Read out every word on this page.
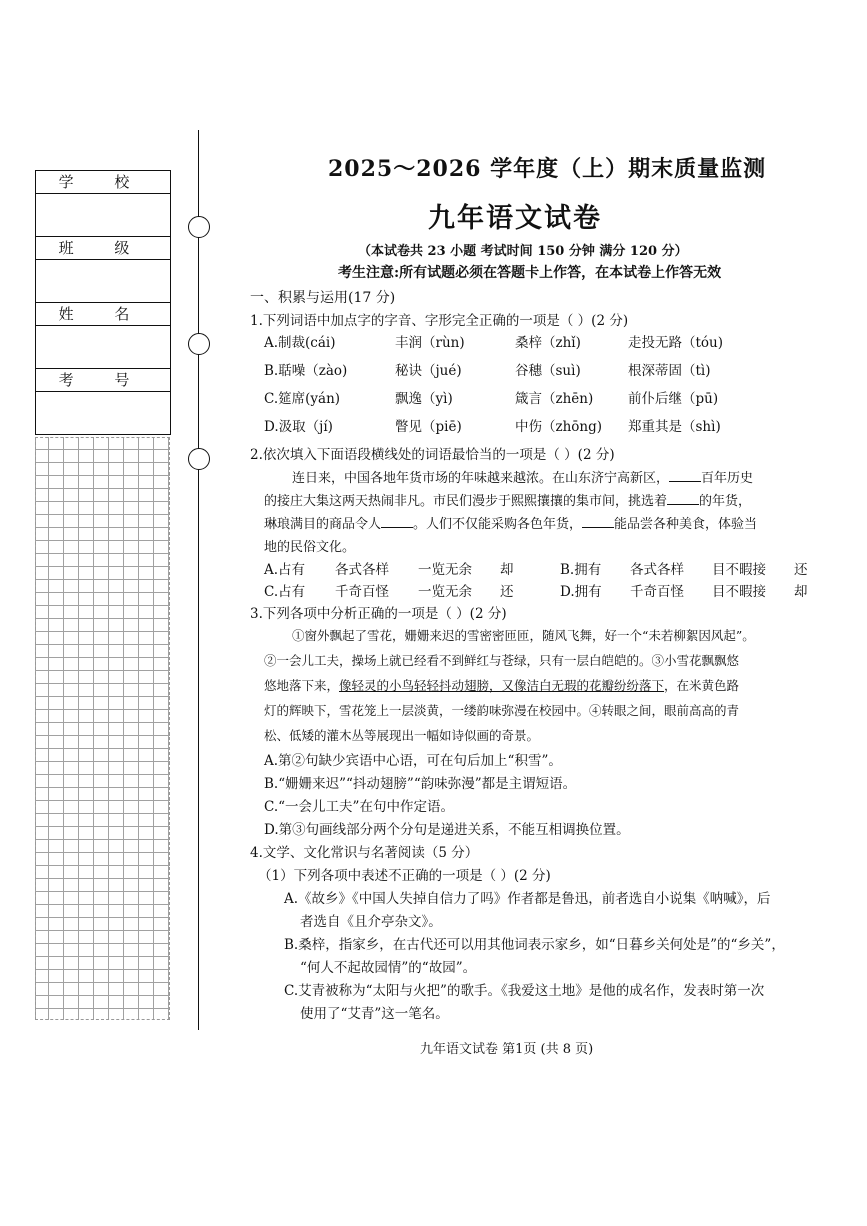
学 校
班 级
姓 名
考 号
2025～2026 学年度（上）期末质量监测
九年语文试卷
（本试卷共 23 小题 考试时间 150 分钟 满分 120 分）
考生注意:所有试题必须在答题卡上作答，在本试卷上作答无效
一、积累与运用(17 分)
1.下列词语中加点字的字音、字形完全正确的一项是（ ）(2 分)
A.制裁(cái)	丰润（rùn)	桑梓（zhǐ)	走投无路（tóu)
B.聒噪（zào)	秘诀（jué)	谷穗（suì)	根深蒂固（tì)
C.筵席(yán)	飘逸（yì)	箴言（zhēn)	前仆后继（pū)
D.汲取（jí)	瞥见（piē)	中伤（zhōng) 郑重其是（shì)
2.依次填入下面语段横线处的词语最恰当的一项是（ ）(2 分)
连日来，中国各地年货市场的年味越来越浓。在山东济宁高新区， 百年历史
的接庄大集这两天热闹非凡。市民们漫步于熙熙攘攘的集市间，挑选着 的年货，
琳琅满目的商品令人 。人们不仅能采购各色年货， 能品尝各种美食，体验当
地的民俗文化。
A.占有 各式各样 一览无余 却	B.拥有 各式各样 目不暇接 还
C.占有 千奇百怪 一览无余 还	D.拥有 千奇百怪 目不暇接 却
3.下列各项中分析正确的一项是（ ）(2 分)
①窗外飘起了雪花，姗姗来迟的雪密密匝匝，随风飞舞，好一个“未若柳絮因风起”。
②一会儿工夫，操场上就已经看不到鲜红与苍绿，只有一层白皑皑的。③小雪花飘飘悠
悠地落下来，像轻灵的小鸟轻轻抖动翅膀，又像洁白无瑕的花瓣纷纷落下，在米黄色路
灯的辉映下，雪花笼上一层淡黄，一缕韵味弥漫在校园中。④转眼之间，眼前高高的青
松、低矮的灌木丛等展现出一幅如诗似画的奇景。
A.第②句缺少宾语中心语，可在句后加上“积雪”。
B.“姗姗来迟”“抖动翅膀”“韵味弥漫”都是主谓短语。
C.“一会儿工夫”在句中作定语。
D.第③句画线部分两个分句是递进关系，不能互相调换位置。
4.文学、文化常识与名著阅读（5 分）
（1）下列各项中表述不正确的一项是（ ）(2 分)
A.《故乡》《中国人失掉自信力了吗》作者都是鲁迅，前者选自小说集《呐喊》，后
者选自《且介亭杂文》。
B.桑梓，指家乡，在古代还可以用其他词表示家乡，如“日暮乡关何处是”的“乡关”，
“何人不起故园情”的“故园”。
C.艾青被称为“太阳与火把”的歌手。《我爱这土地》是他的成名作，发表时第一次
使用了“艾青”这一笔名。
九年语文试卷 第1页 (共 8 页)
